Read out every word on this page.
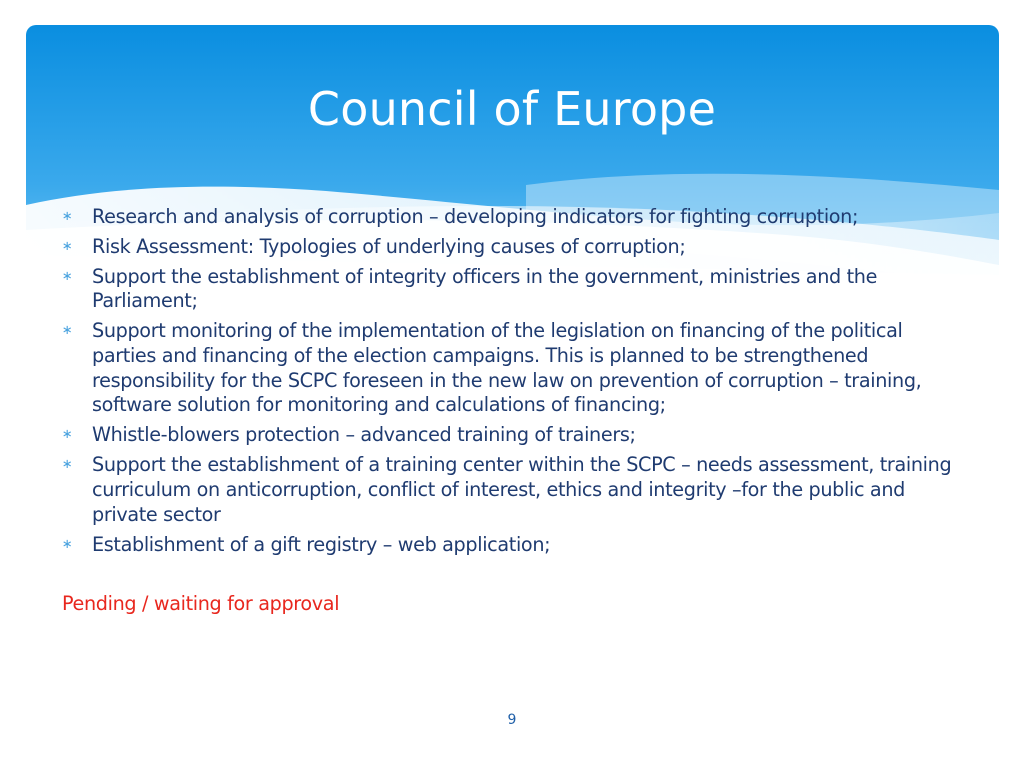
Council of Europe
∗ Research and analysis of corruption – developing indicators for fighting corruption;
∗ Risk Assessment: Typologies of underlying causes of corruption;
∗ Support the establishment of integrity officers in the government, ministries and the Parliament;
∗ Support monitoring of the implementation of the legislation on financing of the political parties and financing of the election campaigns. This is planned to be strengthened responsibility for the SCPC foreseen in the new law on prevention of corruption – training, software solution for monitoring and calculations of financing;
∗ Whistle-blowers protection – advanced training of trainers;
∗ Support the establishment of a training center within the SCPC – needs assessment, training curriculum on anticorruption, conflict of interest, ethics and integrity –for the public and private sector
∗ Establishment of a gift registry – web application;

Pending / waiting for approval

9
